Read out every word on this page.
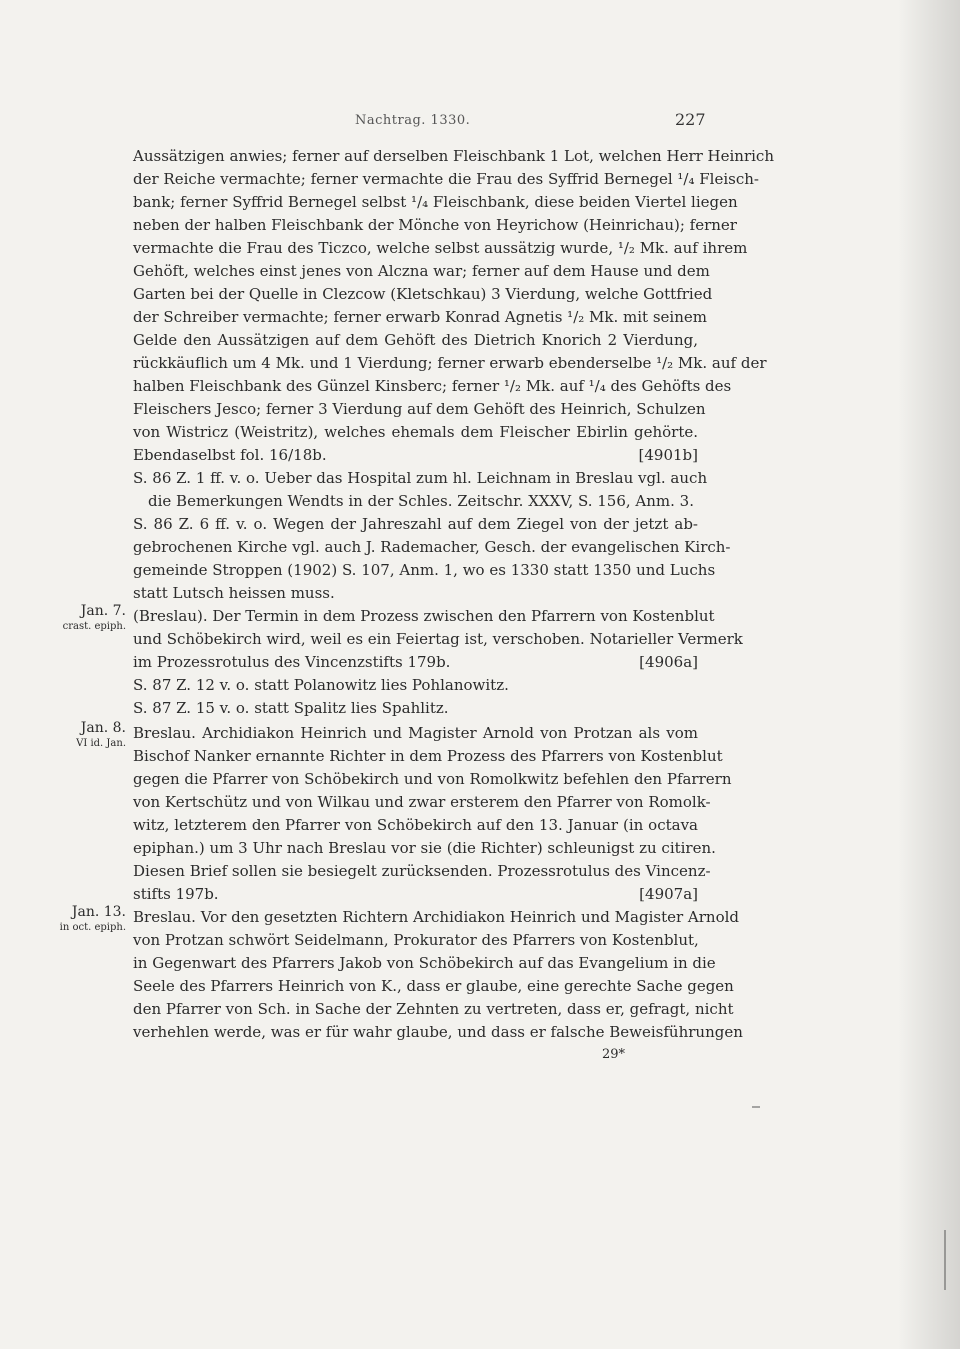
Nachtrag. 1330.	227
Aussätzigen anwies; ferner auf derselben Fleischbank 1 Lot, welchen Herr Heinrich
der Reiche vermachte; ferner vermachte die Frau des Syffrid Bernegel ¹/₄ Fleisch-
bank; ferner Syffrid Bernegel selbst ¹/₄ Fleischbank, diese beiden Viertel liegen
neben der halben Fleischbank der Mönche von Heyrichow (Heinrichau); ferner
vermachte die Frau des Ticzco, welche selbst aussätzig wurde, ¹/₂ Mk. auf ihrem
Gehöft, welches einst jenes von Alczna war; ferner auf dem Hause und dem
Garten bei der Quelle in Clezcow (Kletschkau) 3 Vierdung, welche Gottfried
der Schreiber vermachte; ferner erwarb Konrad Agnetis ¹/₂ Mk. mit seinem
Gelde den Aussätzigen auf dem Gehöft des Dietrich Knorich 2 Vierdung,
rückkäuflich um 4 Mk. und 1 Vierdung; ferner erwarb ebenderselbe ¹/₂ Mk. auf der
halben Fleischbank des Günzel Kinsberc; ferner ¹/₂ Mk. auf ¹/₄ des Gehöfts des
Fleischers Jesco; ferner 3 Vierdung auf dem Gehöft des Heinrich, Schulzen
von Wistricz (Weistritz), welches ehemals dem Fleischer Ebirlin gehörte.
Ebendaselbst fol. 16/18b.	[4901b]
S. 86 Z. 1 ff. v. o. Ueber das Hospital zum hl. Leichnam in Breslau vgl. auch
die Bemerkungen Wendts in der Schles. Zeitschr. XXXV, S. 156, Anm. 3.
S. 86 Z. 6 ff. v. o. Wegen der Jahreszahl auf dem Ziegel von der jetzt ab-
gebrochenen Kirche vgl. auch J. Rademacher, Gesch. der evangelischen Kirch-
gemeinde Stroppen (1902) S. 107, Anm. 1, wo es 1330 statt 1350 und Luchs
statt Lutsch heissen muss.
Jan. 7.
crast. epiph.
(Breslau). Der Termin in dem Prozess zwischen den Pfarrern von Kostenblut
und Schöbekirch wird, weil es ein Feiertag ist, verschoben. Notarieller Vermerk
im Prozessrotulus des Vincenzstifts 179b.	[4906a]
S. 87 Z. 12 v. o. statt Polanowitz lies Pohlanowitz.
S. 87 Z. 15 v. o. statt Spalitz lies Spahlitz.
Jan. 8.
VI id. Jan.
Breslau. Archidiakon Heinrich und Magister Arnold von Protzan als vom
Bischof Nanker ernannte Richter in dem Prozess des Pfarrers von Kostenblut
gegen die Pfarrer von Schöbekirch und von Romolkwitz befehlen den Pfarrern
von Kertschütz und von Wilkau und zwar ersterem den Pfarrer von Romolk-
witz, letzterem den Pfarrer von Schöbekirch auf den 13. Januar (in octava
epiphan.) um 3 Uhr nach Breslau vor sie (die Richter) schleunigst zu citiren.
Diesen Brief sollen sie besiegelt zurücksenden. Prozessrotulus des Vincenz-
stifts 197b.	[4907a]
Jan. 13.
in oct. epiph.
Breslau. Vor den gesetzten Richtern Archidiakon Heinrich und Magister Arnold
von Protzan schwört Seidelmann, Prokurator des Pfarrers von Kostenblut,
in Gegenwart des Pfarrers Jakob von Schöbekirch auf das Evangelium in die
Seele des Pfarrers Heinrich von K., dass er glaube, eine gerechte Sache gegen
den Pfarrer von Sch. in Sache der Zehnten zu vertreten, dass er, gefragt, nicht
verhehlen werde, was er für wahr glaube, und dass er falsche Beweisführungen
29*
